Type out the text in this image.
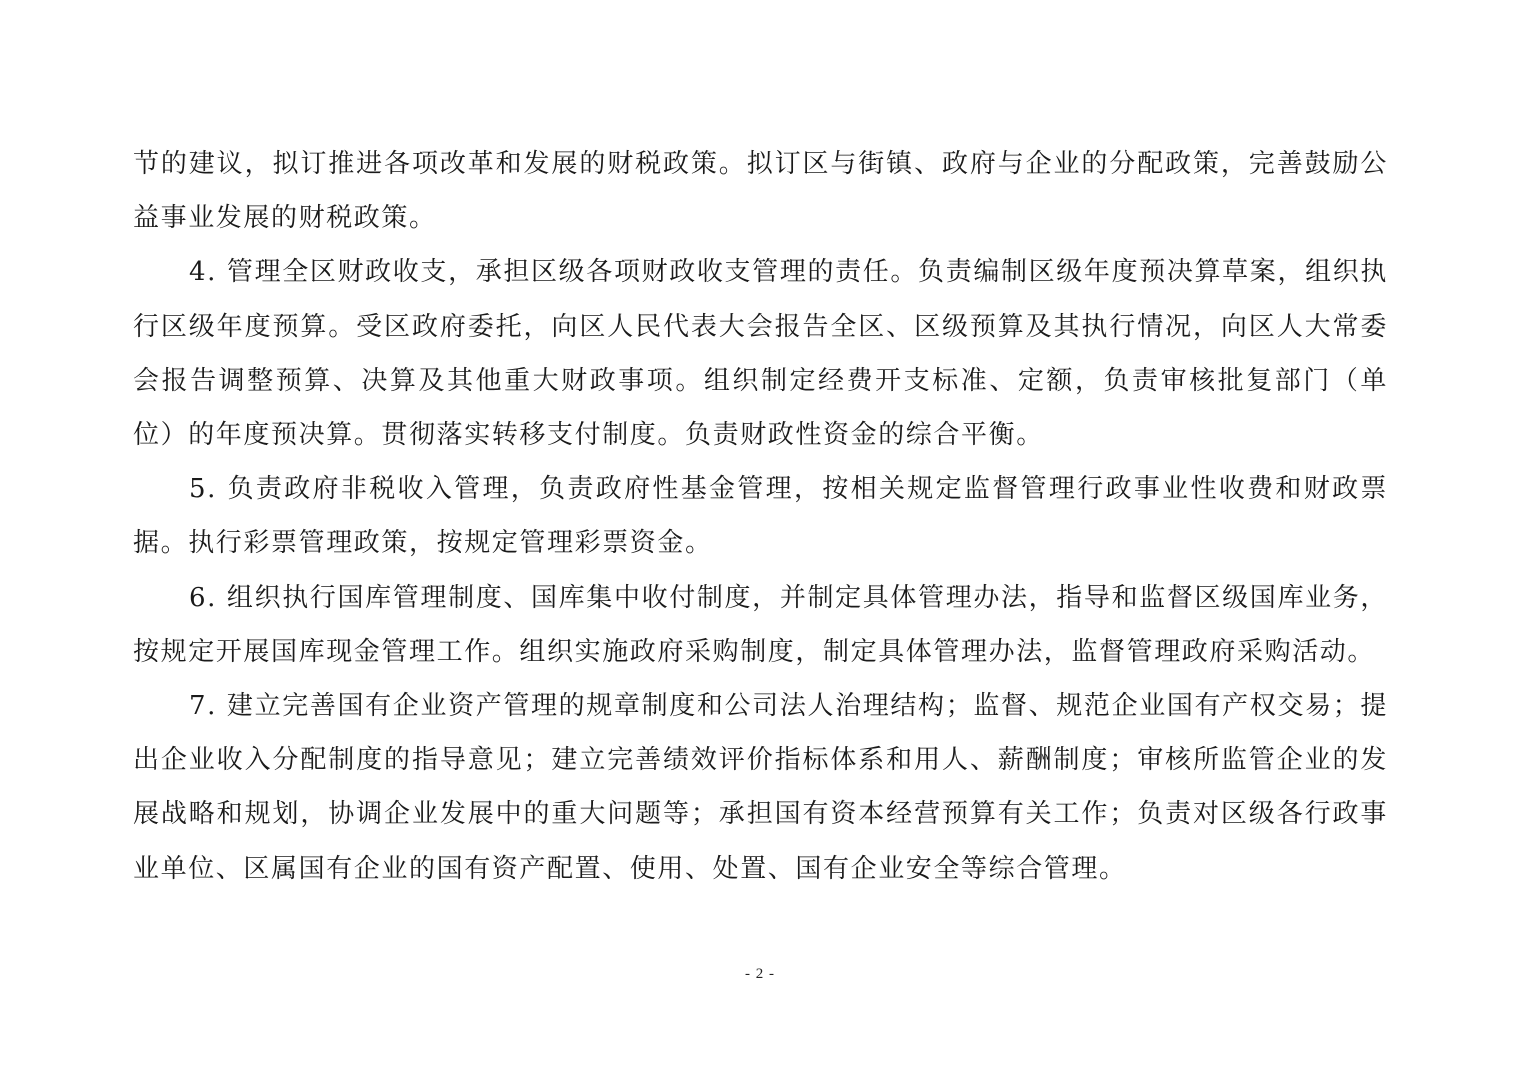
节的建议，拟订推进各项改革和发展的财税政策。拟订区与街镇、政府与企业的分配政策，完善鼓励公益事业发展的财税政策。

4. 管理全区财政收支，承担区级各项财政收支管理的责任。负责编制区级年度预决算草案，组织执行区级年度预算。受区政府委托，向区人民代表大会报告全区、区级预算及其执行情况，向区人大常委会报告调整预算、决算及其他重大财政事项。组织制定经费开支标准、定额，负责审核批复部门（单位）的年度预决算。贯彻落实转移支付制度。负责财政性资金的综合平衡。

5. 负责政府非税收入管理，负责政府性基金管理，按相关规定监督管理行政事业性收费和财政票据。执行彩票管理政策，按规定管理彩票资金。

6. 组织执行国库管理制度、国库集中收付制度，并制定具体管理办法，指导和监督区级国库业务，按规定开展国库现金管理工作。组织实施政府采购制度，制定具体管理办法，监督管理政府采购活动。

7. 建立完善国有企业资产管理的规章制度和公司法人治理结构；监督、规范企业国有产权交易；提出企业收入分配制度的指导意见；建立完善绩效评价指标体系和用人、薪酬制度；审核所监管企业的发展战略和规划，协调企业发展中的重大问题等；承担国有资本经营预算有关工作；负责对区级各行政事业单位、区属国有企业的国有资产配置、使用、处置、国有企业安全等综合管理。

- 2 -
